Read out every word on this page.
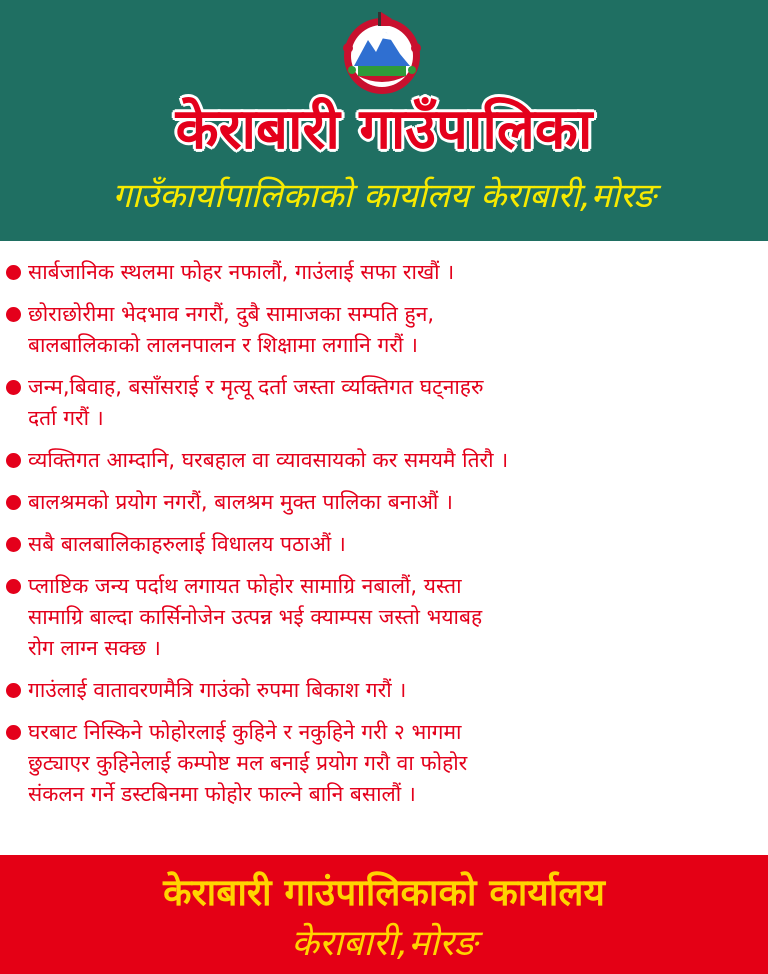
केराबारी गाउँपालिका
गाउँकार्यापालिकाको कार्यालय केराबारी,मोरङ
सार्बजानिक स्थलमा फोहर नफालौं, गाउंलाई सफा राखौं ।
छोराछोरीमा भेदभाव नगरौं, दुबै सामाजका सम्पति हुन,
बालबालिकाको लालनपालन र शिक्षामा लगानि गरौं ।
जन्म,बिवाह, बसाँसराई र मृत्यू दर्ता जस्ता व्यक्तिगत घट्नाहरु
दर्ता गरौं ।
व्यक्तिगत आम्दानि, घरबहाल वा व्यावसायको कर समयमै तिरौ ।
बालश्रमको प्रयोग नगरौं, बालश्रम मुक्त पालिका बनाऔं ।
सबै बालबालिकाहरुलाई विधालय पठाऔं ।
प्लाष्टिक जन्य पर्दाथ लगायत फोहोर सामाग्रि नबालौं, यस्ता
सामाग्रि बाल्दा कार्सिनोजेन उत्पन्न भई क्याम्पस जस्तो भयाबह
रोग लाग्न सक्छ ।
गाउंलाई वातावरणमैत्रि गाउंको रुपमा बिकाश गरौं ।
घरबाट निस्किने फोहोरलाई कुहिने र नकुहिने गरी २ भागमा
छुट्याएर कुहिनेलाई कम्पोष्ट मल बनाई प्रयोग गरौ वा फोहोर
संकलन गर्ने डस्टबिनमा फोहोर फाल्ने बानि बसालौं ।
केराबारी गाउंपालिकाको कार्यालय
केराबारी,मोरङ
